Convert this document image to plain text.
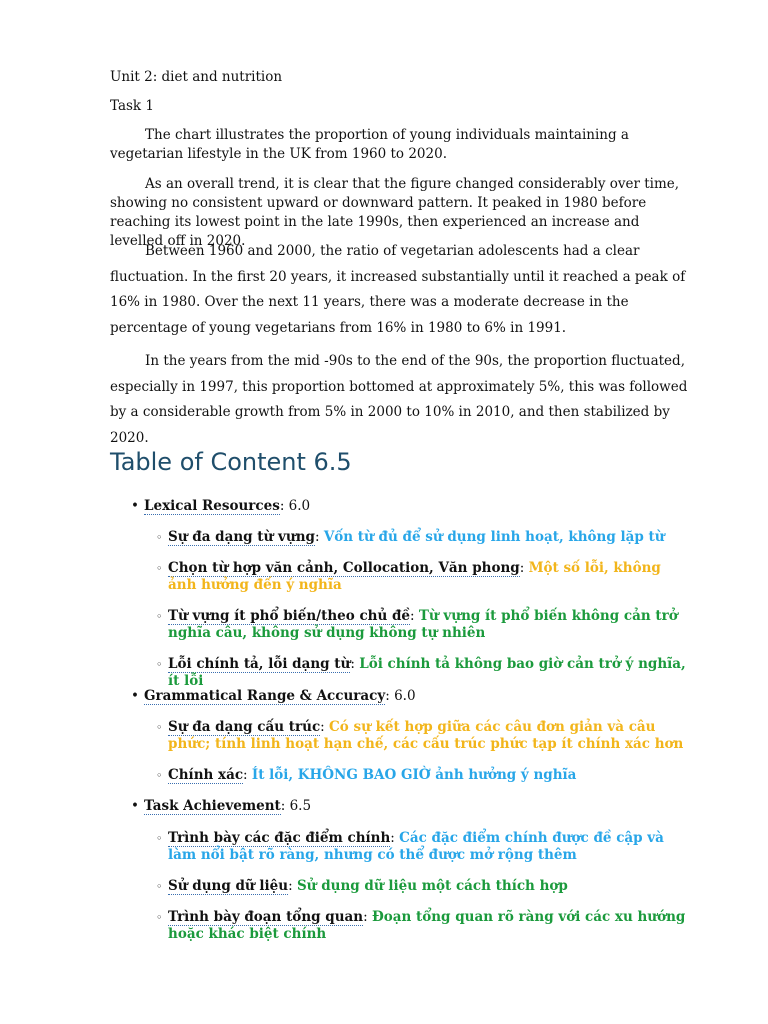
Unit 2: diet and nutrition

Task 1

The chart illustrates the proportion of young individuals maintaining a vegetarian lifestyle in the UK from 1960 to 2020.

As an overall trend, it is clear that the figure changed considerably over time, showing no consistent upward or downward pattern. It peaked in 1980 before reaching its lowest point in the late 1990s, then experienced an increase and levelled off in 2020.

Between 1960 and 2000, the ratio of vegetarian adolescents had a clear fluctuation. In the first 20 years, it increased substantially until it reached a peak of 16% in 1980. Over the next 11 years, there was a moderate decrease in the percentage of young vegetarians from 16% in 1980 to 6% in 1991.

In the years from the mid -90s to the end of the 90s, the proportion fluctuated, especially in 1997, this proportion bottomed at approximately 5%, this was followed by a considerable growth from 5% in 2000 to 10% in 2010, and then stabilized by 2020.

Table of Content 6.5
• Lexical Resources: 6.0
◦ Sự đa dạng từ vựng: Vốn từ đủ để sử dụng linh hoạt, không lặp từ
◦ Chọn từ hợp văn cảnh, Collocation, Văn phong: Một số lỗi, không ảnh hưởng đến ý nghĩa
◦ Từ vựng ít phổ biến/theo chủ đề: Từ vựng ít phổ biến không cản trở nghĩa câu, không sử dụng không tự nhiên
◦ Lỗi chính tả, lỗi dạng từ: Lỗi chính tả không bao giờ cản trở ý nghĩa, ít lỗi
• Grammatical Range & Accuracy: 6.0
◦ Sự đa dạng cấu trúc: Có sự kết hợp giữa các câu đơn giản và câu phức; tính linh hoạt hạn chế, các cấu trúc phức tạp ít chính xác hơn
◦ Chính xác: Ít lỗi, KHÔNG BAO GIỜ ảnh hưởng ý nghĩa
• Task Achievement: 6.5
◦ Trình bày các đặc điểm chính: Các đặc điểm chính được đề cập và làm nổi bật rõ ràng, nhưng có thể được mở rộng thêm
◦ Sử dụng dữ liệu: Sử dụng dữ liệu một cách thích hợp
◦ Trình bày đoạn tổng quan: Đoạn tổng quan rõ ràng với các xu hướng hoặc khác biệt chính
